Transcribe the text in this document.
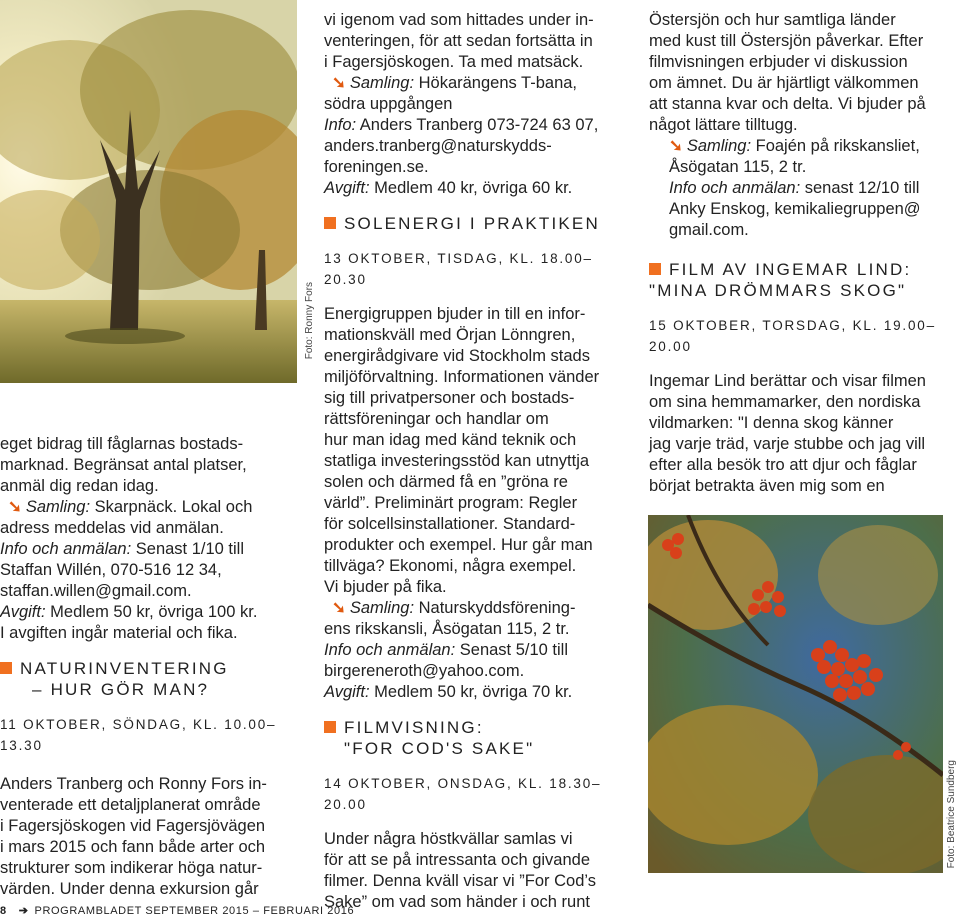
Foto: Ronny Fors

eget bidrag till fåglarnas bostads-

marknad. Begränsat antal platser,

anmäl dig redan idag.

➘ Samling: Skarpnäck. Lokal och

adress meddelas vid anmälan.

Info och anmälan: Senast 1/10 till

Staffan Willén, 070-516 12 34,

staffan.willen@gmail.com.

Avgift: Medlem 50 kr, övriga 100 kr.

I avgiften ingår material och fika.

NATURINVENTERING
– HUR GÖR MAN?

11 OKTOBER, SÖNDAG, KL. 10.00–13.30

Anders Tranberg och Ronny Fors in-

venterade ett detaljplanerat område

i Fagersjöskogen vid Fagersjövägen

i mars 2015 och fann både arter och

strukturer som indikerar höga natur-

värden. Under denna exkursion går

vi igenom vad som hittades under in-

venteringen, för att sedan fortsätta in

i Fagersjöskogen. Ta med matsäck.

➘ Samling: Hökarängens T-bana,

södra uppgången

Info: Anders Tranberg 073-724 63 07,

anders.tranberg@naturskydds-

foreningen.se.

Avgift: Medlem 40 kr, övriga 60 kr.

SOLENERGI I PRAKTIKEN

13 OKTOBER, TISDAG, KL. 18.00–20.30

Energigruppen bjuder in till en infor-

mationskväll med Örjan Lönngren,

energirådgivare vid Stockholm stads

miljöförvaltning. Informationen vänder

sig till privatpersoner och bostads-

rättsföreningar och handlar om

hur man idag med känd teknik och

statliga investeringsstöd kan utnyttja

solen och därmed få en ”gröna re

värld”. Preliminärt program: Regler

för solcellsinstallationer. Standard-

produkter och exempel. Hur går man

tillväga? Ekonomi, några exempel.

Vi bjuder på fika.

➘ Samling: Naturskyddsförening-

ens rikskansli, Åsögatan 115, 2 tr.

Info och anmälan: Senast 5/10 till

birgereneroth@yahoo.com.

Avgift: Medlem 50 kr, övriga 70 kr.

FILMVISNING:
"FOR COD'S SAKE"

14 OKTOBER, ONSDAG, KL. 18.30–20.00

Under några höstkvällar samlas vi

för att se på intressanta och givande

filmer. Denna kväll visar vi ”For Cod’s

Sake” om vad som händer i och runt

Östersjön och hur samtliga länder

med kust till Östersjön påverkar. Efter

filmvisningen erbjuder vi diskussion

om ämnet. Du är hjärtligt välkommen

att stanna kvar och delta. Vi bjuder på

något lättare tilltugg.

➘ Samling: Foajén på rikskansliet,

Åsögatan 115, 2 tr.

Info och anmälan: senast 12/10 till

Anky Enskog, kemikaliegruppen@

gmail.com.

FILM AV INGEMAR LIND:
"MINA DRÖMMARS SKOG"

15 OKTOBER, TORSDAG, KL. 19.00–20.00

Ingemar Lind berättar och visar filmen

om sina hemmamarker, den nordiska

vildmarken: "I denna skog känner

jag varje träd, varje stubbe och jag vill

efter alla besök tro att djur och fåglar

börjat betrakta även mig som en

Foto: Beatrice Sundberg
8 ➔ PROGRAMBLADET SEPTEMBER 2015 – FEBRUARI 2016
